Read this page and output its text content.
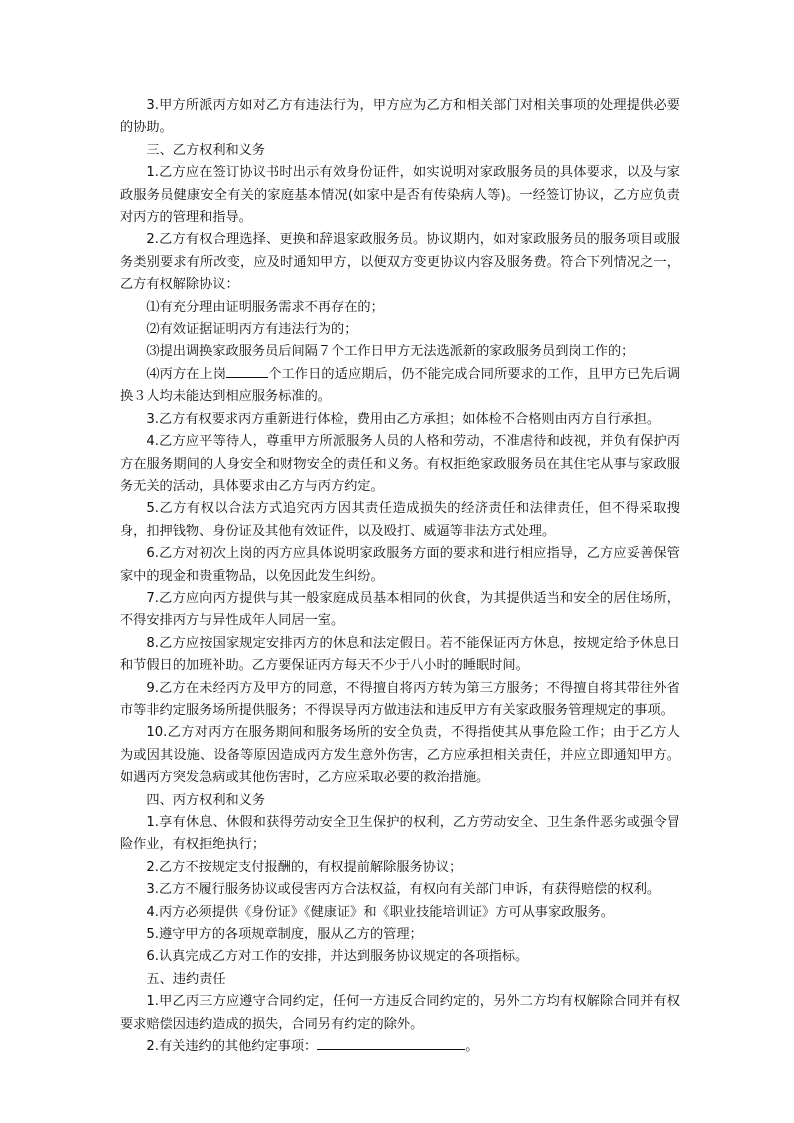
3.甲方所派丙方如对乙方有违法行为，甲方应为乙方和相关部门对相关事项的处理提供必要的协助。

三、乙方权利和义务

1.乙方应在签订协议书时出示有效身份证件，如实说明对家政服务员的具体要求，以及与家政服务员健康安全有关的家庭基本情况(如家中是否有传染病人等)。一经签订协议，乙方应负责对丙方的管理和指导。

2.乙方有权合理选择、更换和辞退家政服务员。协议期内，如对家政服务员的服务项目或服务类别要求有所改变，应及时通知甲方，以便双方变更协议内容及服务费。符合下列情况之一，乙方有权解除协议：

⑴有充分理由证明服务需求不再存在的；

⑵有效证据证明丙方有违法行为的；

⑶提出调换家政服务员后间隔７个工作日甲方无法选派新的家政服务员到岗工作的；

⑷丙方在上岗	个工作日的适应期后，仍不能完成合同所要求的工作，且甲方已先后调换３人均未能达到相应服务标准的。

3.乙方有权要求丙方重新进行体检，费用由乙方承担；如体检不合格则由丙方自行承担。

4.乙方应平等待人，尊重甲方所派服务人员的人格和劳动，不准虐待和歧视，并负有保护丙方在服务期间的人身安全和财物安全的责任和义务。有权拒绝家政服务员在其住宅从事与家政服务无关的活动，具体要求由乙方与丙方约定。

5.乙方有权以合法方式追究丙方因其责任造成损失的经济责任和法律责任，但不得采取搜身，扣押钱物、身份证及其他有效证件，以及殴打、威逼等非法方式处理。

6.乙方对初次上岗的丙方应具体说明家政服务方面的要求和进行相应指导，乙方应妥善保管家中的现金和贵重物品，以免因此发生纠纷。

7.乙方应向丙方提供与其一般家庭成员基本相同的伙食，为其提供适当和安全的居住场所，不得安排丙方与异性成年人同居一室。

8.乙方应按国家规定安排丙方的休息和法定假日。若不能保证丙方休息，按规定给予休息日和节假日的加班补助。乙方要保证丙方每天不少于八小时的睡眠时间。

9.乙方在未经丙方及甲方的同意，不得擅自将丙方转为第三方服务；不得擅自将其带往外省市等非约定服务场所提供服务；不得误导丙方做违法和违反甲方有关家政服务管理规定的事项。

10.乙方对丙方在服务期间和服务场所的安全负责，不得指使其从事危险工作；由于乙方人为或因其设施、设备等原因造成丙方发生意外伤害，乙方应承担相关责任，并应立即通知甲方。如遇丙方突发急病或其他伤害时，乙方应采取必要的救治措施。

四、丙方权利和义务

1.享有休息、休假和获得劳动安全卫生保护的权利，乙方劳动安全、卫生条件恶劣或强令冒险作业，有权拒绝执行；

2.乙方不按规定支付报酬的，有权提前解除服务协议；

3.乙方不履行服务协议或侵害丙方合法权益，有权向有关部门申诉，有获得赔偿的权利。

4.丙方必须提供《身份证》《健康证》和《职业技能培训证》方可从事家政服务。

5.遵守甲方的各项规章制度，服从乙方的管理；

6.认真完成乙方对工作的安排，并达到服务协议规定的各项指标。

五、违约责任

1.甲乙丙三方应遵守合同约定，任何一方违反合同约定的，另外二方均有权解除合同并有权要求赔偿因违约造成的损失，合同另有约定的除外。

2.有关违约的其他约定事项：	。
